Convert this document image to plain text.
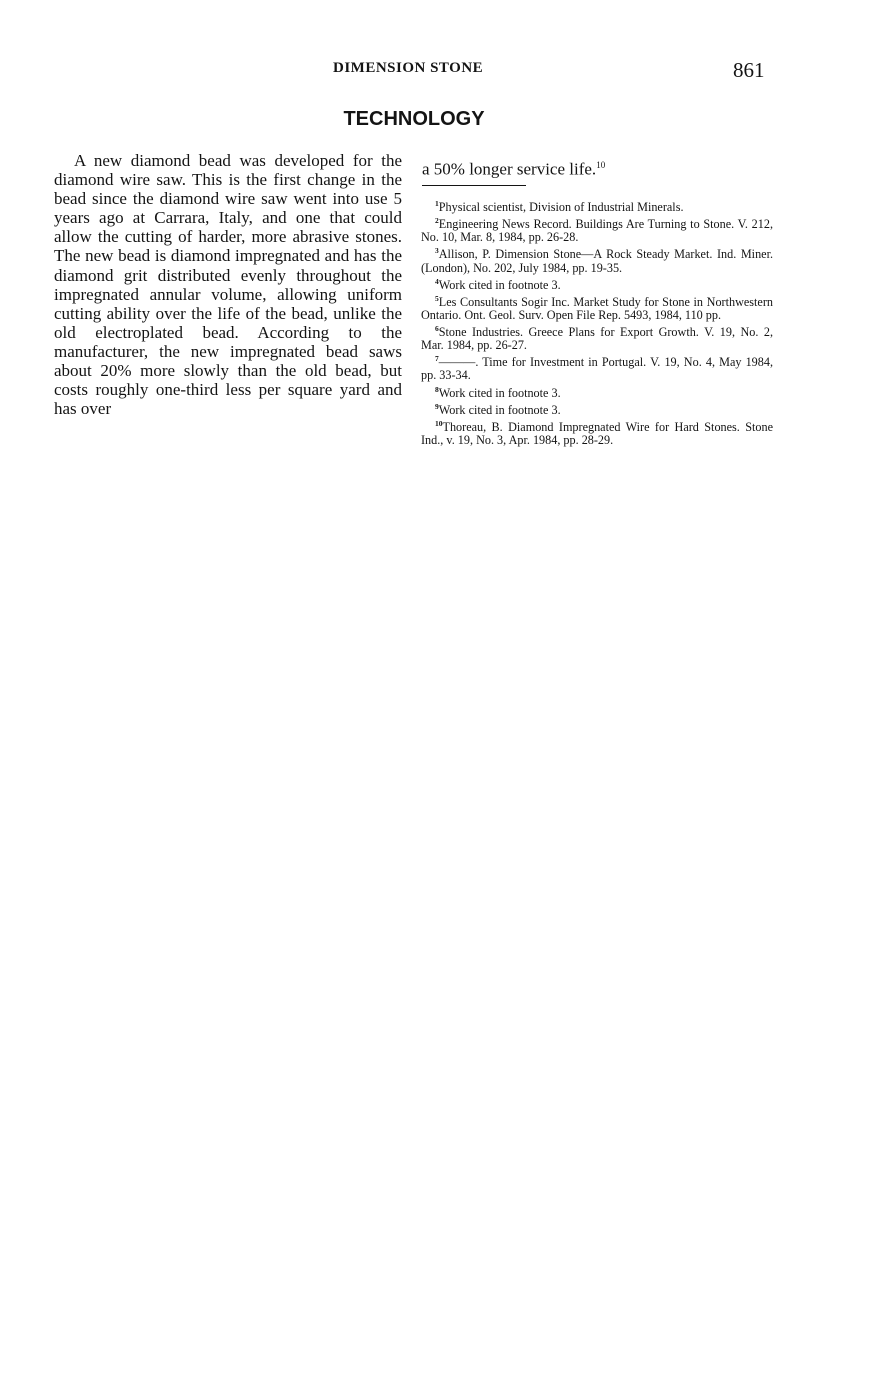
DIMENSION STONE	861
TECHNOLOGY
A new diamond bead was developed for the diamond wire saw. This is the first change in the bead since the diamond wire saw went into use 5 years ago at Carrara, Italy, and one that could allow the cutting of harder, more abrasive stones. The new bead is diamond impregnated and has the diamond grit distributed evenly throughout the impregnated annular volume, allowing uniform cutting ability over the life of the bead, unlike the old electroplated bead. According to the manufacturer, the new impregnated bead saws about 20% more slowly than the old bead, but costs roughly one-third less per square yard and has over
a 50% longer service life.$^{10}$

$^1$Physical scientist, Division of Industrial Minerals.

$^2$Engineering News Record. Buildings Are Turning to Stone. V. 212, No. 10, Mar. 8, 1984, pp. 26-28.

$^3$Allison, P. Dimension Stone—A Rock Steady Market. Ind. Miner. (London), No. 202, July 1984, pp. 19-35.

$^4$Work cited in footnote 3.

$^5$Les Consultants Sogir Inc. Market Study for Stone in Northwestern Ontario. Ont. Geol. Surv. Open File Rep. 5493, 1984, 110 pp.

$^6$Stone Industries. Greece Plans for Export Growth. V. 19, No. 2, Mar. 1984, pp. 26-27.

$^7$———. Time for Investment in Portugal. V. 19, No. 4, May 1984, pp. 33-34.

$^8$Work cited in footnote 3.

$^9$Work cited in footnote 3.

$^{10}$Thoreau, B. Diamond Impregnated Wire for Hard Stones. Stone Ind., v. 19, No. 3, Apr. 1984, pp. 28-29.
